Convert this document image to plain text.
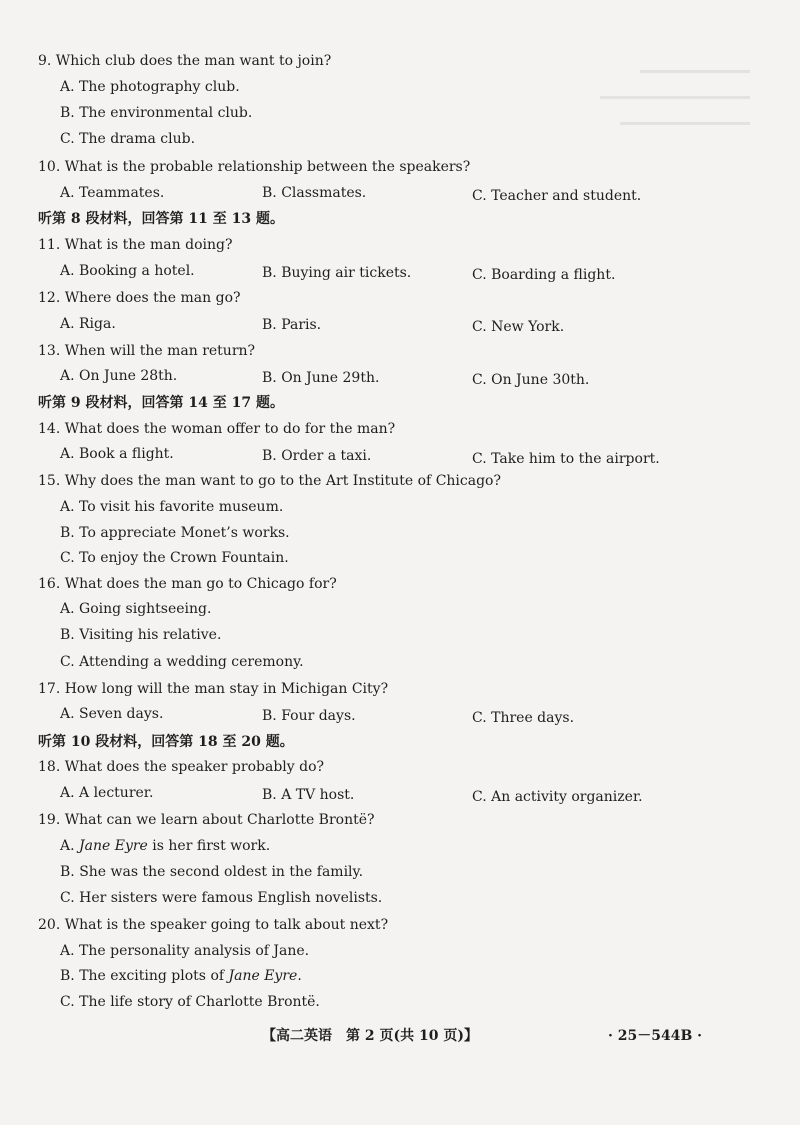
9. Which club does the man want to join?
A. The photography club.
B. The environmental club.
C. The drama club.
10. What is the probable relationship between the speakers?
A. Teammates.	B. Classmates.	C. Teacher and student.
听第 8 段材料，回答第 11 至 13 题。
11. What is the man doing?
A. Booking a hotel.	B. Buying air tickets.	C. Boarding a flight.
12. Where does the man go?
A. Riga.	B. Paris.	C. New York.
13. When will the man return?
A. On June 28th.	B. On June 29th.	C. On June 30th.
听第 9 段材料，回答第 14 至 17 题。
14. What does the woman offer to do for the man?
A. Book a flight.	B. Order a taxi.	C. Take him to the airport.
15. Why does the man want to go to the Art Institute of Chicago?
A. To visit his favorite museum.
B. To appreciate Monet’s works.
C. To enjoy the Crown Fountain.
16. What does the man go to Chicago for?
A. Going sightseeing.
B. Visiting his relative.
C. Attending a wedding ceremony.
17. How long will the man stay in Michigan City?
A. Seven days.	B. Four days.	C. Three days.
听第 10 段材料，回答第 18 至 20 题。
18. What does the speaker probably do?
A. A lecturer.	B. A TV host.	C. An activity organizer.
19. What can we learn about Charlotte Brontë?
A. Jane Eyre is her first work.
B. She was the second oldest in the family.
C. Her sisters were famous English novelists.
20. What is the speaker going to talk about next?
A. The personality analysis of Jane.
B. The exciting plots of Jane Eyre.
C. The life story of Charlotte Brontë.
【高二英语　第 2 页(共 10 页)】	· 25－544B ·
